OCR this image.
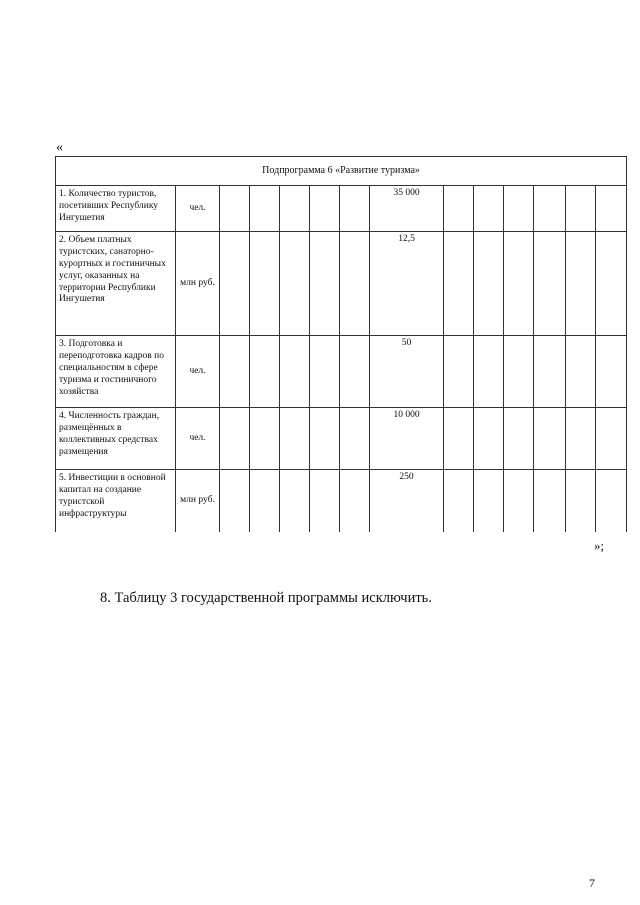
«
Подпрограмма 6 «Развитие туризма»													
1. Количество туристов, посетивших Республику Ингушетия	чел.						35 000						
2. Объем платных туристских, санаторно-курортных и гостиничных услуг, оказанных на территории Республики Ингушетия	млн руб.						12,5						
3. Подготовка и переподготовка кадров по специальностям в сфере туризма и гостиничного хозяйства	чел.						50						
4. Численность граждан, размещённых в коллективных средствах размещения	чел.						10 000						
5. Инвестиции в основной капитал на создание туристской инфраструктуры	млн руб.						250						
»;
8. Таблицу 3 государственной программы исключить.
7
